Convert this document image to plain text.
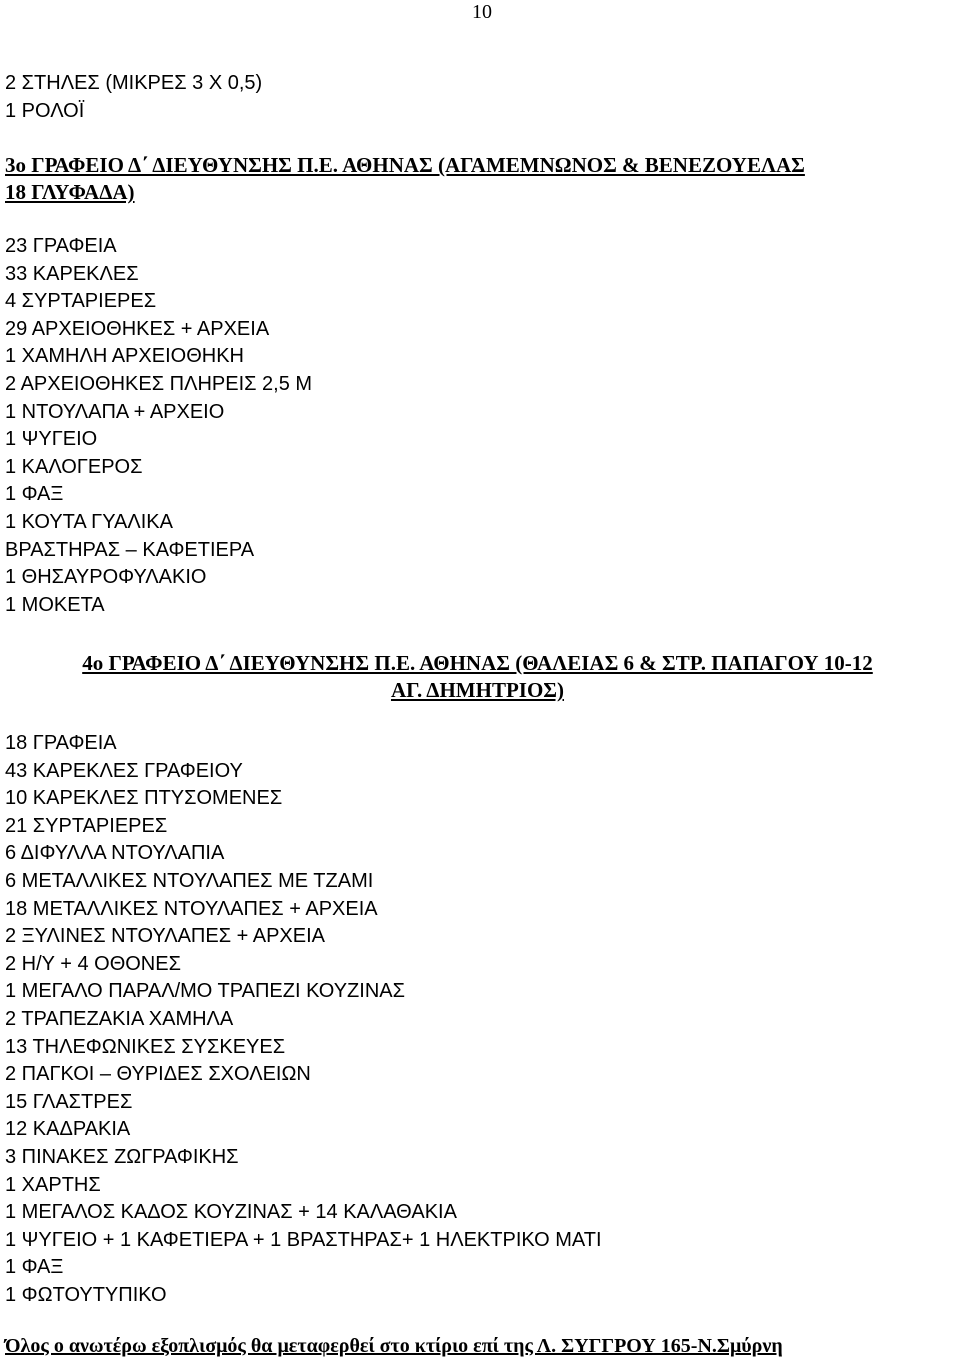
10
2 ΣΤΗΛΕΣ (ΜΙΚΡΕΣ 3 Χ 0,5)
1 ΡΟΛΟΪ
3ο ΓΡΑΦΕΙΟ Δ΄ ΔΙΕΥΘΥΝΣΗΣ Π.Ε. ΑΘΗΝΑΣ (ΑΓΑΜΕΜΝΩΝΟΣ & ΒΕΝΕΖΟΥΕΛΑΣ
18 ΓΛΥΦΑΔΑ)
23 ΓΡΑΦΕΙΑ
33 ΚΑΡΕΚΛΕΣ
4 ΣΥΡΤΑΡΙΕΡΕΣ
29 ΑΡΧΕΙΟΘΗΚΕΣ + ΑΡΧΕΙΑ
1 ΧΑΜΗΛΗ ΑΡΧΕΙΟΘΗΚΗ
2 ΑΡΧΕΙΟΘΗΚΕΣ ΠΛΗΡΕΙΣ 2,5 Μ
1 ΝΤΟΥΛΑΠΑ + ΑΡΧΕΙΟ
1 ΨΥΓΕΙΟ
1 ΚΑΛΟΓΕΡΟΣ
1 ΦΑΞ
1 ΚΟΥΤΑ ΓΥΑΛΙΚΑ
ΒΡΑΣΤΗΡΑΣ – ΚΑΦΕΤΙΕΡΑ
1 ΘΗΣΑΥΡΟΦΥΛΑΚΙΟ
1 ΜΟΚΕΤΑ
4ο ΓΡΑΦΕΙΟ Δ΄ ΔΙΕΥΘΥΝΣΗΣ Π.Ε. ΑΘΗΝΑΣ (ΘΑΛΕΙΑΣ 6 & ΣΤΡ. ΠΑΠΑΓΟΥ 10-12
ΑΓ. ΔΗΜΗΤΡΙΟΣ)
18 ΓΡΑΦΕΙΑ
43 ΚΑΡΕΚΛΕΣ ΓΡΑΦΕΙΟΥ
10 ΚΑΡΕΚΛΕΣ ΠΤΥΣΟΜΕΝΕΣ
21 ΣΥΡΤΑΡΙΕΡΕΣ
6 ΔΙΦΥΛΛΑ ΝΤΟΥΛΑΠΙΑ
6 ΜΕΤΑΛΛΙΚΕΣ ΝΤΟΥΛΑΠΕΣ ΜΕ ΤΖΑΜΙ
18 ΜΕΤΑΛΛΙΚΕΣ ΝΤΟΥΛΑΠΕΣ + ΑΡΧΕΙΑ
2 ΞΥΛΙΝΕΣ ΝΤΟΥΛΑΠΕΣ + ΑΡΧΕΙΑ
2 Η/Υ + 4 ΟΘΟΝΕΣ
1 ΜΕΓΑΛΟ ΠΑΡΑΛ/ΜΟ ΤΡΑΠΕΖΙ ΚΟΥΖΙΝΑΣ
2 ΤΡΑΠΕΖΑΚΙΑ ΧΑΜΗΛΑ
13 ΤΗΛΕΦΩΝΙΚΕΣ ΣΥΣΚΕΥΕΣ
2 ΠΑΓΚΟΙ – ΘΥΡΙΔΕΣ ΣΧΟΛΕΙΩΝ
15 ΓΛΑΣΤΡΕΣ
12 ΚΑΔΡΑΚΙΑ
3 ΠΙΝΑΚΕΣ ΖΩΓΡΑΦΙΚΗΣ
1 ΧΑΡΤΗΣ
1 ΜΕΓΑΛΟΣ ΚΑΔΟΣ ΚΟΥΖΙΝΑΣ + 14 ΚΑΛΑΘΑΚΙΑ
1 ΨΥΓΕΙΟ + 1 ΚΑΦΕΤΙΕΡΑ + 1 ΒΡΑΣΤΗΡΑΣ+ 1 ΗΛΕΚΤΡΙΚΟ ΜΑΤΙ
1 ΦΑΞ
1 ΦΩΤΟΥΤΥΠΙΚΟ
Όλος ο ανωτέρω εξοπλισμός θα μεταφερθεί στο κτίριο επί της Λ. ΣΥΓΓΡΟΥ 165-Ν.Σμύρνη
